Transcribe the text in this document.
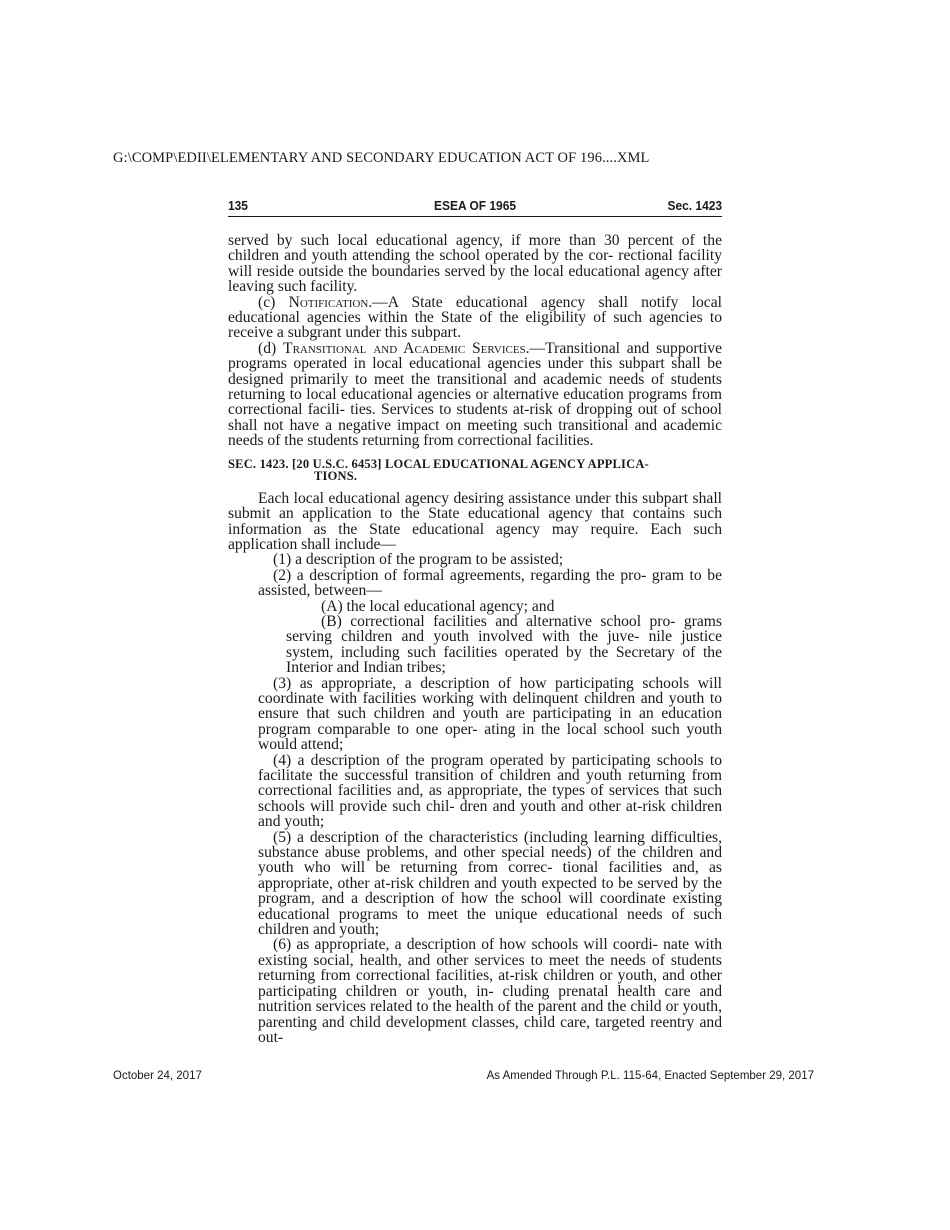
G:\COMP\EDII\ELEMENTARY AND SECONDARY EDUCATION ACT OF 196....XML
135	ESEA OF 1965	Sec. 1423

served by such local educational agency, if more than 30 percent of the children and youth attending the school operated by the cor- rectional facility will reside outside the boundaries served by the local educational agency after leaving such facility.

(c) Notification.—A State educational agency shall notify local educational agencies within the State of the eligibility of such agencies to receive a subgrant under this subpart.

(d) Transitional and Academic Services.—Transitional and supportive programs operated in local educational agencies under this subpart shall be designed primarily to meet the transitional and academic needs of students returning to local educational agencies or alternative education programs from correctional facili- ties. Services to students at-risk of dropping out of school shall not have a negative impact on meeting such transitional and academic needs of the students returning from correctional facilities.

SEC. 1423. [20 U.S.C. 6453] LOCAL EDUCATIONAL AGENCY APPLICA-
TIONS.

Each local educational agency desiring assistance under this subpart shall submit an application to the State educational agency that contains such information as the State educational agency may require. Each such application shall include—

(1) a description of the program to be assisted;

(2) a description of formal agreements, regarding the pro- gram to be assisted, between—

(A) the local educational agency; and

(B) correctional facilities and alternative school pro- grams serving children and youth involved with the juve- nile justice system, including such facilities operated by the Secretary of the Interior and Indian tribes;

(3) as appropriate, a description of how participating schools will coordinate with facilities working with delinquent children and youth to ensure that such children and youth are participating in an education program comparable to one oper- ating in the local school such youth would attend;

(4) a description of the program operated by participating schools to facilitate the successful transition of children and youth returning from correctional facilities and, as appropriate, the types of services that such schools will provide such chil- dren and youth and other at-risk children and youth;

(5) a description of the characteristics (including learning difficulties, substance abuse problems, and other special needs) of the children and youth who will be returning from correc- tional facilities and, as appropriate, other at-risk children and youth expected to be served by the program, and a description of how the school will coordinate existing educational programs to meet the unique educational needs of such children and youth;

(6) as appropriate, a description of how schools will coordi- nate with existing social, health, and other services to meet the needs of students returning from correctional facilities, at-risk children or youth, and other participating children or youth, in- cluding prenatal health care and nutrition services related to the health of the parent and the child or youth, parenting and child development classes, child care, targeted reentry and out-

October 24, 2017	As Amended Through P.L. 115-64, Enacted September 29, 2017
